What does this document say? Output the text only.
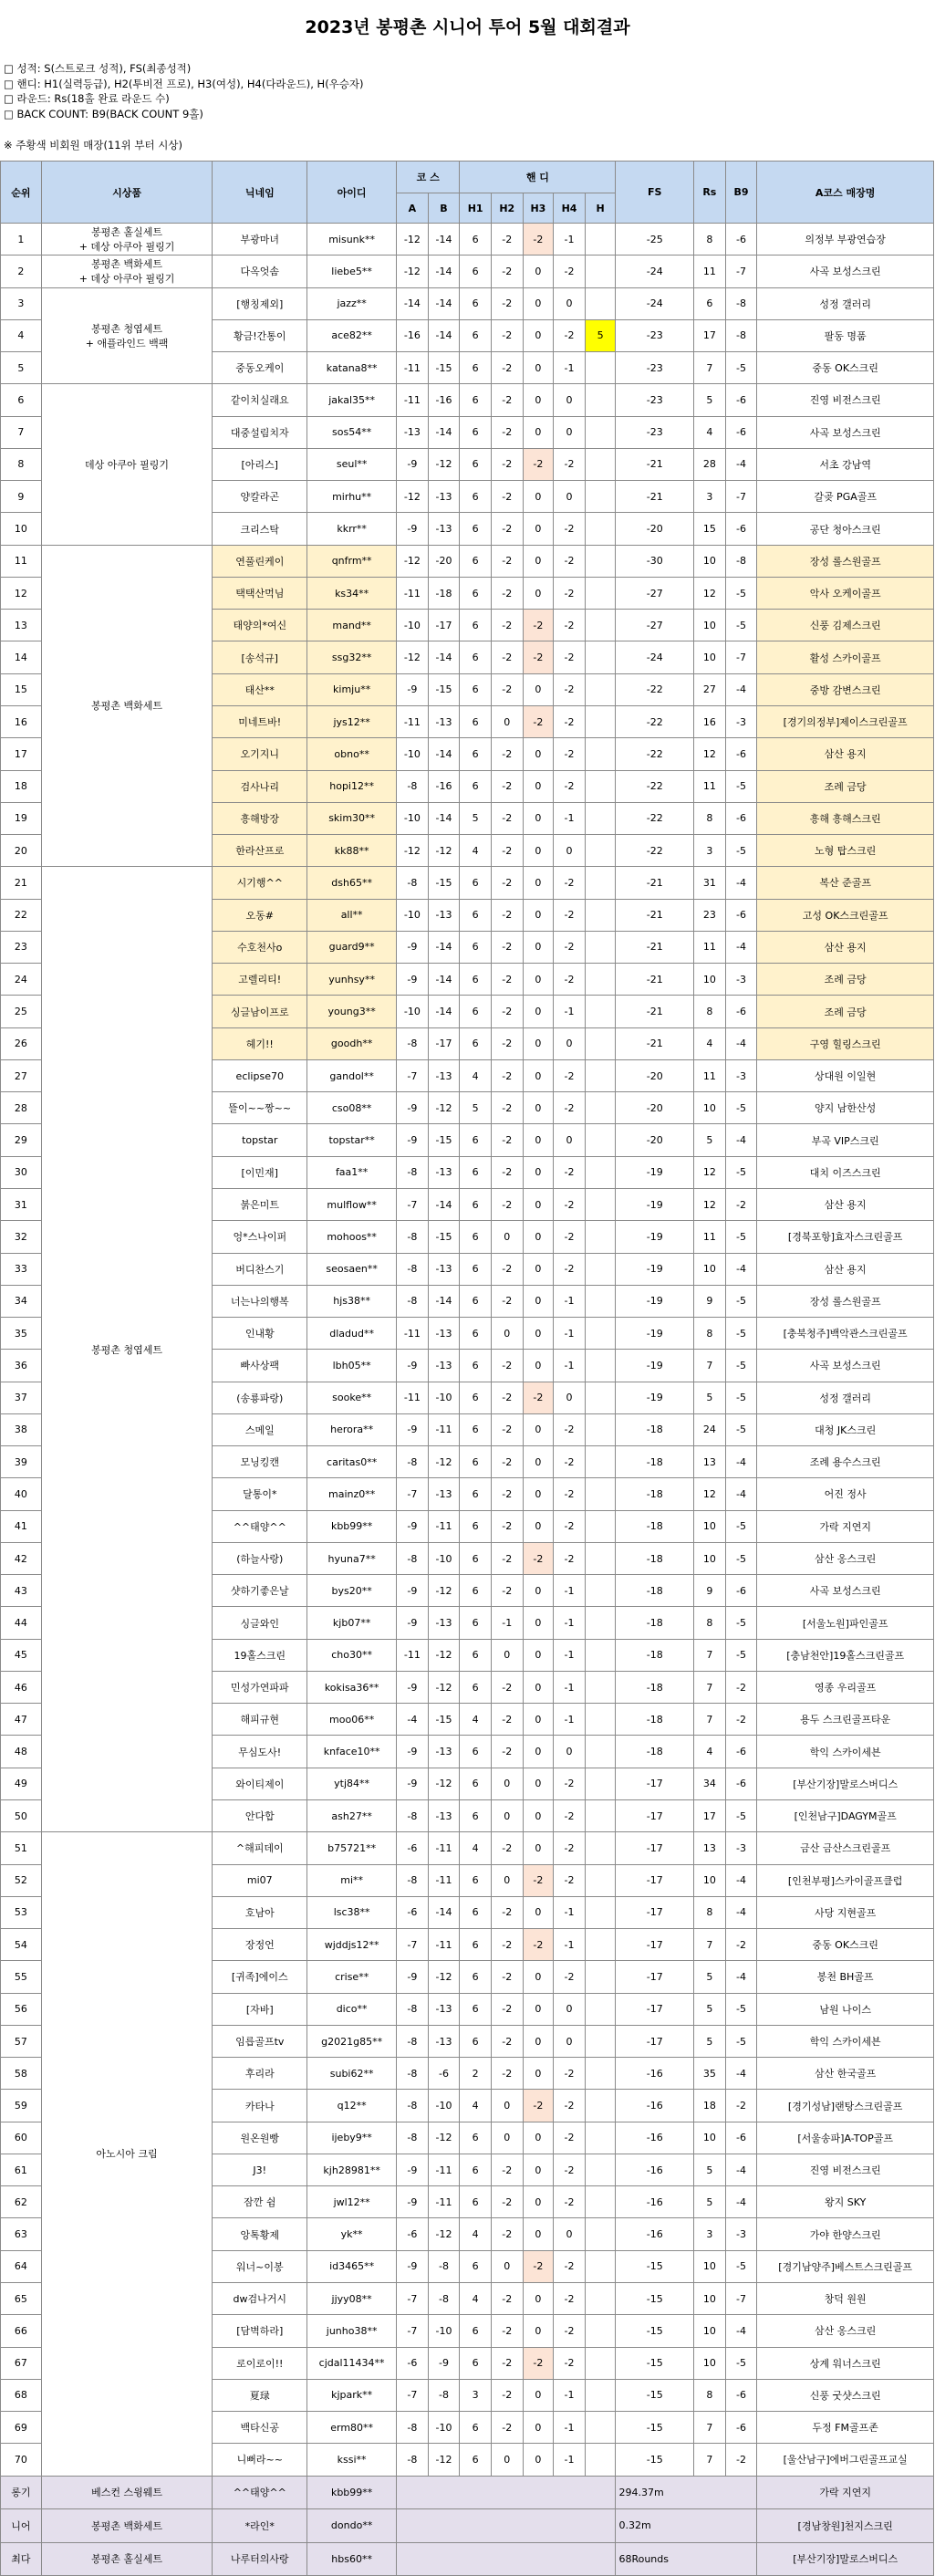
2023년 봉평촌 시니어 투어 5월 대회결과
□ 성적: S(스트로크 성적), FS(최종성적)
□ 핸디: H1(실력등급), H2(투비전 프로), H3(여성), H4(다라운드), H(우승자)
□ 라운드: Rs(18홀 완료 라운드 수)
□ BACK COUNT: B9(BACK COUNT 9홀)
※ 주황색 비회원 매장(11위 부터 시상)
순위	시상품	닉네임	아이디	코 스		핸 디					FS	Rs	B9	A코스 매장명
				A	B	H1	H2	H3	H4	H				
1	봉평촌 홀실세트
+ 데상 아쿠아 필링기	부광마녀	misunk**	-12	-14	6	-2	-2	-1		-25	8	-6	의정부 부광연습장
2	봉평촌 백화세트
+ 데상 아쿠아 필링기	다옥엇솜	liebe5**	-12	-14	6	-2	0	-2		-24	11	-7	사곡 보성스크린
3	봉평촌 청엽세트
+ 애플라인드 백팩	[행칭제외]	jazz**	-14	-14	6	-2	0	0		-24	6	-8	성정 갤러리
4		황금!간통이	ace82**	-16	-14	6	-2	0	-2	5	-23	17	-8	팔동 명품
5		중동오케이	katana8**	-11	-15	6	-2	0	-1		-23	7	-5	중동 OK스크린
6	데상 아쿠아 필링기	같이치실래요	jakal35**	-11	-16	6	-2	0	0		-23	5	-6	진영 비전스크린
7		대중설림치자	sos54**	-13	-14	6	-2	0	0		-23	4	-6	사곡 보성스크린
8		[아리스]	seul**	-9	-12	6	-2	-2	-2		-21	28	-4	서초 강남역
9		양칼라곤	mirhu**	-12	-13	6	-2	0	0		-21	3	-7	갈곶 PGA골프
10		크리스탁	kkrr**	-9	-13	6	-2	0	-2		-20	15	-6	공단 청아스크린
11	봉평촌 백화세트	연풀린케이	qnfrm**	-12	-20	6	-2	0	-2		-30	10	-8	장성 롤스원골프
12		택택산먹님	ks34**	-11	-18	6	-2	0	-2		-27	12	-5	악사 오케이골프
13		태양의*여신	mand**	-10	-17	6	-2	-2	-2		-27	10	-5	신풍 김제스크린
14		[송석규]	ssg32**	-12	-14	6	-2	-2	-2		-24	10	-7	활성 스카이골프
15		태산**	kimju**	-9	-15	6	-2	0	-2		-22	27	-4	중방 감변스크린
16		미네트바!	jys12**	-11	-13	6	0	-2	-2		-22	16	-3	[경기의정부]제이스크린골프
17		오기지니	obno**	-10	-14	6	-2	0	-2		-22	12	-6	삼산 용지
18		검사나리	hopi12**	-8	-16	6	-2	0	-2		-22	11	-5	조례 금당
19		흥해방장	skim30**	-10	-14	5	-2	0	-1		-22	8	-6	흥해 흥해스크린
20		한라산프로	kk88**	-12	-12	4	-2	0	0		-22	3	-5	노형 탑스크린
21	봉평촌 청엽세트	시기행^^	dsh65**	-8	-15	6	-2	0	-2		-21	31	-4	복산 준골프
22		오동#	all**	-10	-13	6	-2	0	-2		-21	23	-6	고성 OK스크린골프
23		수호천사o	guard9**	-9	-14	6	-2	0	-2		-21	11	-4	삼산 용지
24		고렐리티!	yunhsy**	-9	-14	6	-2	0	-2		-21	10	-3	조례 금당
25		싱글남이프로	young3**	-10	-14	6	-2	0	-1		-21	8	-6	조례 금당
26		헤기!!	goodh**	-8	-17	6	-2	0	0		-21	4	-4	구영 힐링스크린
27		eclipse70	gandol**	-7	-13	4	-2	0	-2		-20	11	-3	상대원 이일현
28		뜰이~~짱~~	cso08**	-9	-12	5	-2	0	-2		-20	10	-5	양지 남한산성
29		topstar	topstar**	-9	-15	6	-2	0	0		-20	5	-4	부곡 VIP스크린
30		[이민재]	faa1**	-8	-13	6	-2	0	-2		-19	12	-5	대치 이즈스크린
31		붉은미트	mulflow**	-7	-14	6	-2	0	-2		-19	12	-2	삼산 용지
32		엉*스나이퍼	mohoos**	-8	-15	6	0	0	-2		-19	11	-5	[경북포항]효자스크린골프
33		버디찬스기	seosaen**	-8	-13	6	-2	0	-2		-19	10	-4	삼산 용지
34		너는나의행복	hjs38**	-8	-14	6	-2	0	-1		-19	9	-5	장성 롤스원골프
35		인내황	dladud**	-11	-13	6	0	0	-1		-19	8	-5	[충북청주]백악관스크린골프
36		빠사상팩	lbh05**	-9	-13	6	-2	0	-1		-19	7	-5	사곡 보성스크린
37		(송룡파랑)	sooke**	-11	-10	6	-2	-2	0		-19	5	-5	성정 갤러리
38		스메일	herora**	-9	-11	6	-2	0	-2		-18	24	-5	대청 JK스크린
39		모닝킹캔	caritas0**	-8	-12	6	-2	0	-2		-18	13	-4	조례 용수스크린
40		달통이*	mainz0**	-7	-13	6	-2	0	-2		-18	12	-4	어진 정사
41		^^태양^^	kbb99**	-9	-11	6	-2	0	-2		-18	10	-5	가락 지연지
42		(하늘사랑)	hyuna7**	-8	-10	6	-2	-2	-2		-18	10	-5	삼산 옹스크린
43		샷하기좋은날	bys20**	-9	-12	6	-2	0	-1		-18	9	-6	사곡 보성스크린
44		싱글와인	kjb07**	-9	-13	6	-1	0	-1		-18	8	-5	[서울노원]파인골프
45		19홀스크린	cho30**	-11	-12	6	0	0	-1		-18	7	-5	[충남천안]19홀스크린골프
46		민성가연파파	kokisa36**	-9	-12	6	-2	0	-1		-18	7	-2	영종 우리골프
47		해피규현	moo06**	-4	-15	4	-2	0	-1		-18	7	-2	용두 스크린골프타운
48		무심도사!	knface10**	-9	-13	6	-2	0	0		-18	4	-6	학익 스카이세븐
49		와이티제이	ytj84**	-9	-12	6	0	0	-2		-17	34	-6	[부산기장]말로스버디스
50		안다합	ash27**	-8	-13	6	0	0	-2		-17	17	-5	[인천남구]DAGYM골프
51	아노시아 크림	^해피데이	b75721**	-6	-11	4	-2	0	-2		-17	13	-3	금산 금산스크린골프
52		mi07	mi**	-8	-11	6	0	-2	-2		-17	10	-4	[인천부평]스카이골프클럽
53		호남아	lsc38**	-6	-14	6	-2	0	-1		-17	8	-4	사당 지현골프
54		장정언	wjddjs12**	-7	-11	6	-2	-2	-1		-17	7	-2	중동 OK스크린
55		[귀족]에이스	crise**	-9	-12	6	-2	0	-2		-17	5	-4	봉천 BH골프
56		[자바]	dico**	-8	-13	6	-2	0	0		-17	5	-5	남원 나이스
57		임릅골프tv	g2021g85**	-8	-13	6	-2	0	0		-17	5	-5	학익 스카이세븐
58		후리라	subi62**	-8	-6	2	-2	0	-2		-16	35	-4	삼산 한국골프
59		카타나	q12**	-8	-10	4	0	-2	-2		-16	18	-2	[경기성남]랜탕스크린골프
60		원온원빵	ijeby9**	-8	-12	6	0	0	-2		-16	10	-6	[서울송파]A-TOP골프
61		J3!	kjh28981**	-9	-11	6	-2	0	-2		-16	5	-4	진영 비전스크린
62		잠깐 쉼	jwl12**	-9	-11	6	-2	0	-2		-16	5	-4	왕지 SKY
63		앙톡황제	yk**	-6	-12	4	-2	0	0		-16	3	-3	가야 한양스크린
64		워너~이봉	id3465**	-9	-8	6	0	-2	-2		-15	10	-5	[경기남양주]베스트스크린골프
65		dw검나거시	jjyy08**	-7	-8	4	-2	0	-2		-15	10	-7	창덕 원원
66		[담벽하라]	junho38**	-7	-10	6	-2	0	-2		-15	10	-4	삼산 옹스크린
67		로이로이!!	cjdal11434**	-6	-9	6	-2	-2	-2		-15	10	-5	상계 워너스크린
68		夏琭	kjpark**	-7	-8	3	-2	0	-1		-15	8	-6	신풍 굿샷스크린
69		백타신공	erm80**	-8	-10	6	-2	0	-1		-15	7	-6	두정 FM골프존
70		니뻐라~~	kssi**	-8	-12	6	0	0	-1		-15	7	-2	[울산남구]에버그린골프교실
롱기	베스컨 스윙웨트	^^태양^^	kbb99**								294.37m			가락 지연지
니어	봉평촌 백화세트	*라인*	dondo**								0.32m			[경남창원]천지스크린
최다	봉평촌 홀실세트	나루터의사랑	hbs60**								68Rounds			[부산기장]말로스버디스
